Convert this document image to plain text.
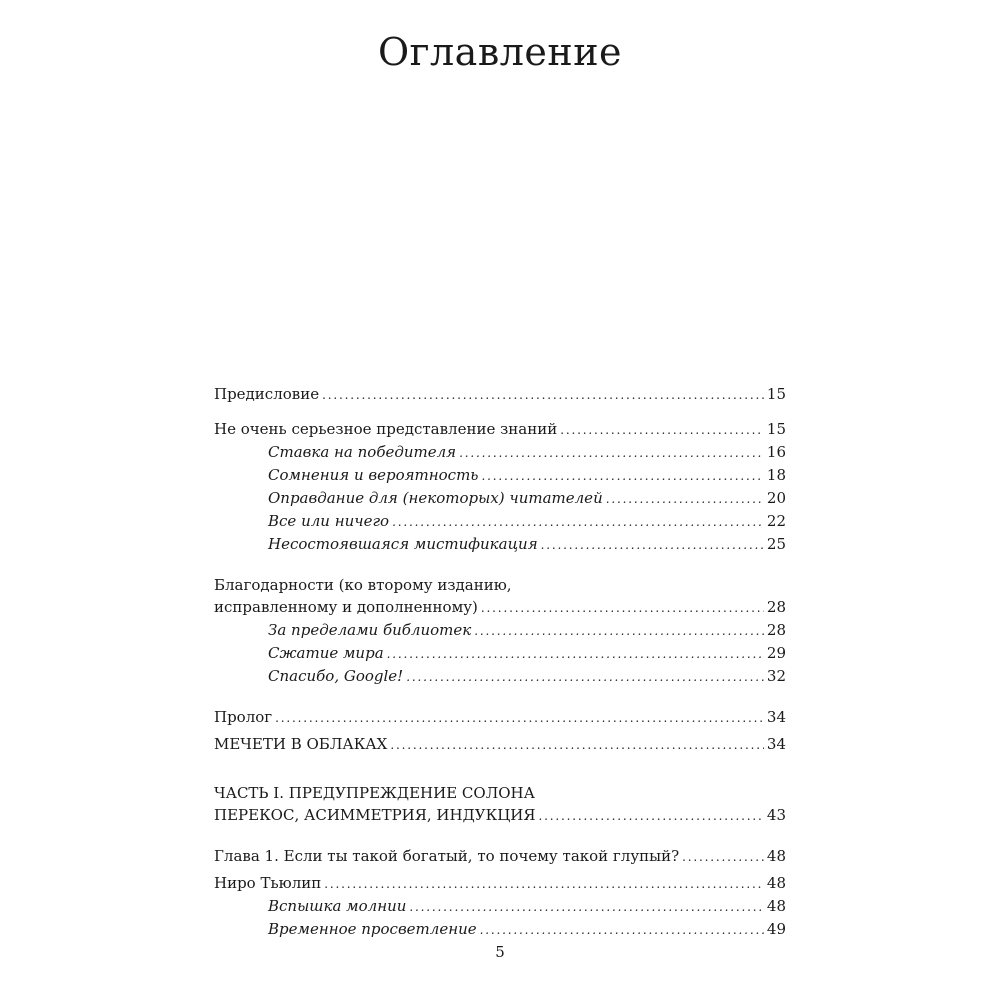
Оглавление
Предисловие . . .	15
Не очень серьезное представление знаний . . .	15
Ставка на победителя . . .	16
Сомнения и вероятность . . .	18
Оправдание для (некоторых) читателей . . .	20
Все или ничего . . .	22
Несостоявшаяся мистификация . . .	25
Благодарности (ко второму изданию,
исправленному и дополненному) . . .	28
За пределами библиотек . . .	28
Сжатие мира . . .	29
Спасибо, Google! . . .	32
Пролог . . .	34
МЕЧЕТИ В ОБЛАКАХ . . .	34
ЧАСТЬ I. ПРЕДУПРЕЖДЕНИЕ СОЛОНА
ПЕРЕКОС, АСИММЕТРИЯ, ИНДУКЦИЯ . . .	43
Глава 1. Если ты такой богатый, то почему такой глупый? . . .	48
Ниро Тьюлип . . .	48
Вспышка молнии . . .	48
Временное просветление . . .	49
5
